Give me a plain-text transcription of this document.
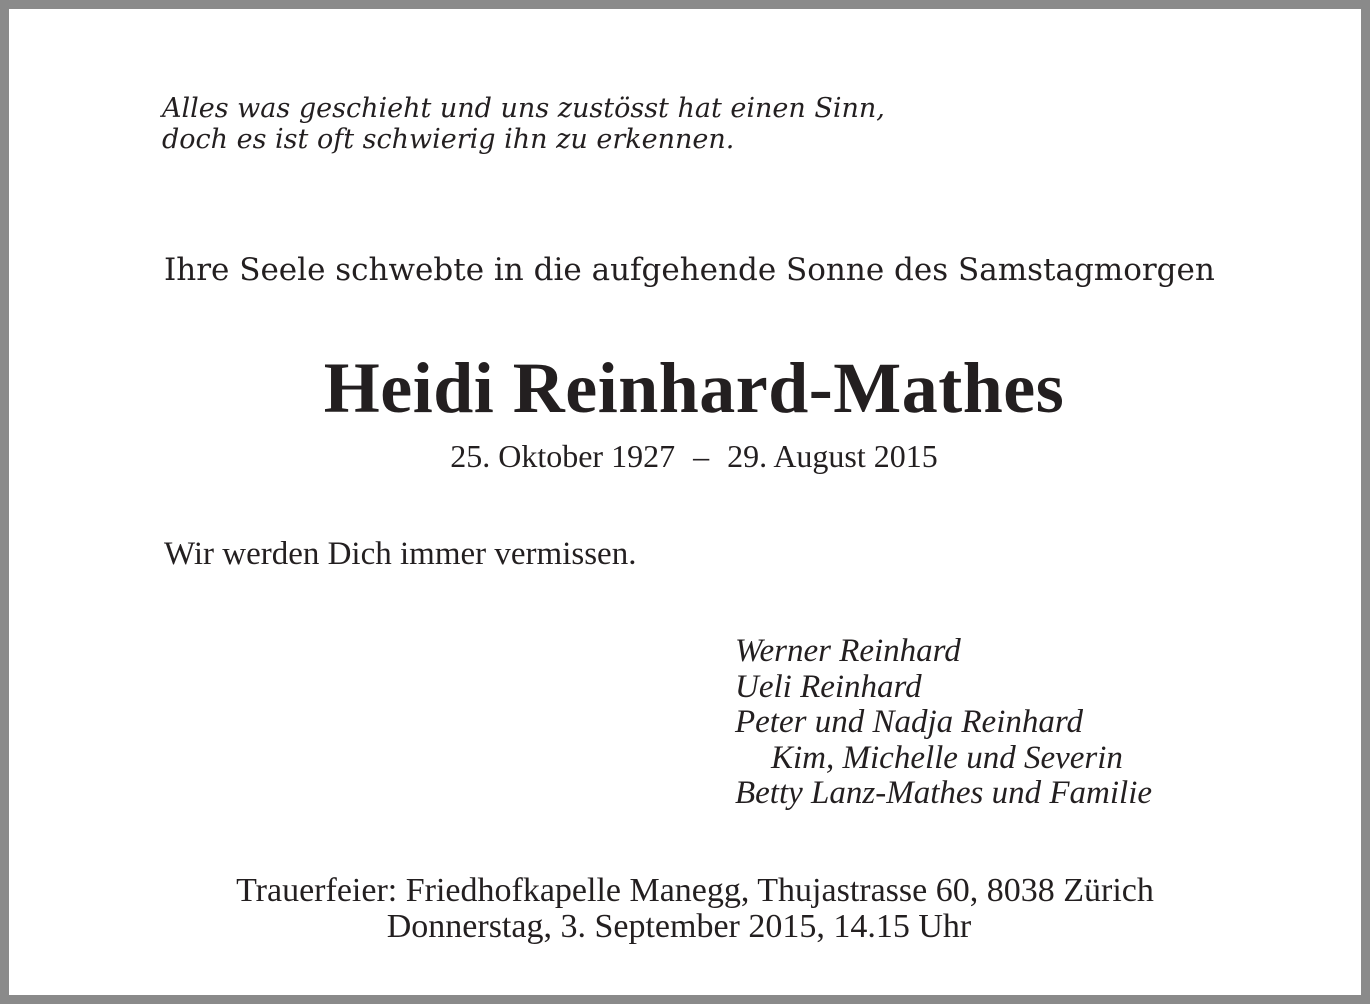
Alles was geschieht und uns zustösst hat einen Sinn,
doch es ist oft schwierig ihn zu erkennen.

Ihre Seele schwebte in die aufgehende Sonne des Samstagmorgen

Heidi Reinhard-Mathes

25. Oktober 1927 – 29. August 2015

Wir werden Dich immer vermissen.

Werner Reinhard
Ueli Reinhard
Peter und Nadja Reinhard
Kim, Michelle und Severin
Betty Lanz-Mathes und Familie
Trauerfeier: Friedhofkapelle Manegg, Thujastrasse 60, 8038 Zürich
Donnerstag, 3. September 2015, 14.15 Uhr
